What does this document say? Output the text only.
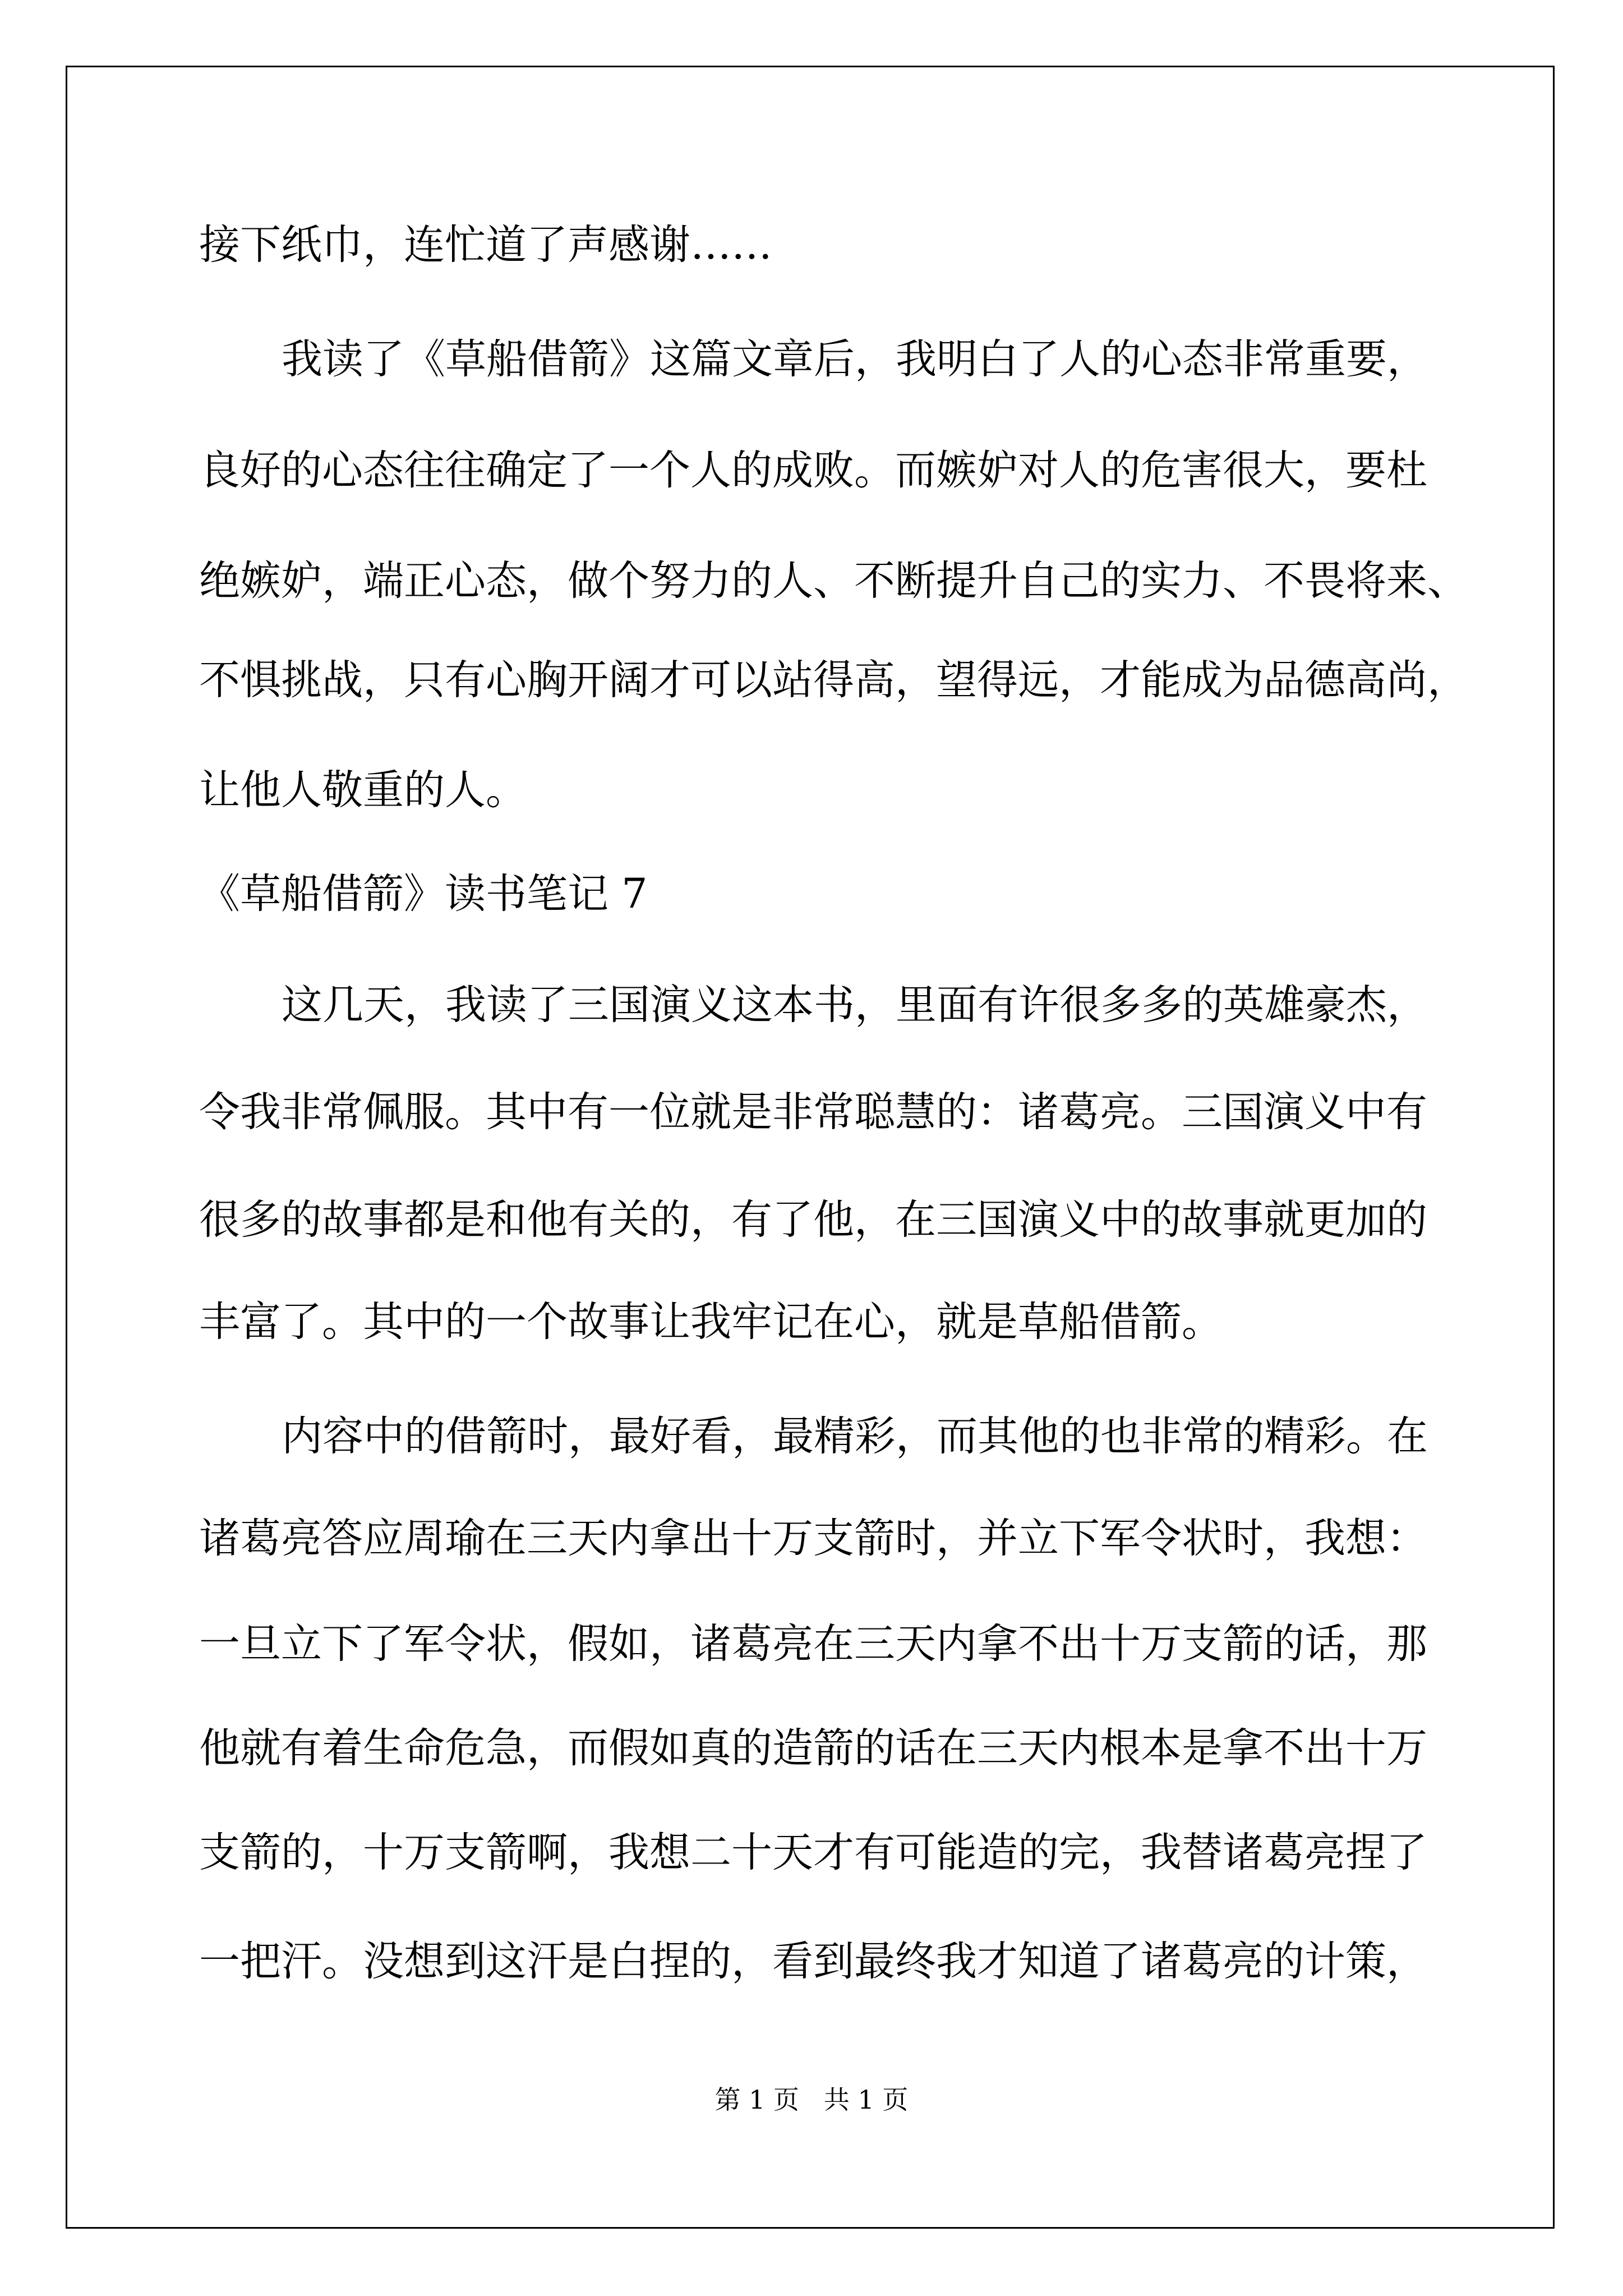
接下纸巾，连忙道了声感谢……
我读了《草船借箭》这篇文章后，我明白了人的心态非常重要，
良好的心态往往确定了一个人的成败。而嫉妒对人的危害很大，要杜
绝嫉妒，端正心态，做个努力的人、不断提升自己的实力、不畏将来、
不惧挑战，只有心胸开阔才可以站得高，望得远，才能成为品德高尚，
让他人敬重的人。
《草船借箭》读书笔记 7
这几天，我读了三国演义这本书，里面有许很多多的英雄豪杰，
令我非常佩服。其中有一位就是非常聪慧的：诸葛亮。三国演义中有
很多的故事都是和他有关的，有了他，在三国演义中的故事就更加的
丰富了。其中的一个故事让我牢记在心，就是草船借箭。
内容中的借箭时，最好看，最精彩，而其他的也非常的精彩。在
诸葛亮答应周瑜在三天内拿出十万支箭时，并立下军令状时，我想：
一旦立下了军令状，假如，诸葛亮在三天内拿不出十万支箭的话，那
他就有着生命危急，而假如真的造箭的话在三天内根本是拿不出十万
支箭的，十万支箭啊，我想二十天才有可能造的完，我替诸葛亮捏了
一把汗。没想到这汗是白捏的，看到最终我才知道了诸葛亮的计策，
第 1 页   共 1 页
